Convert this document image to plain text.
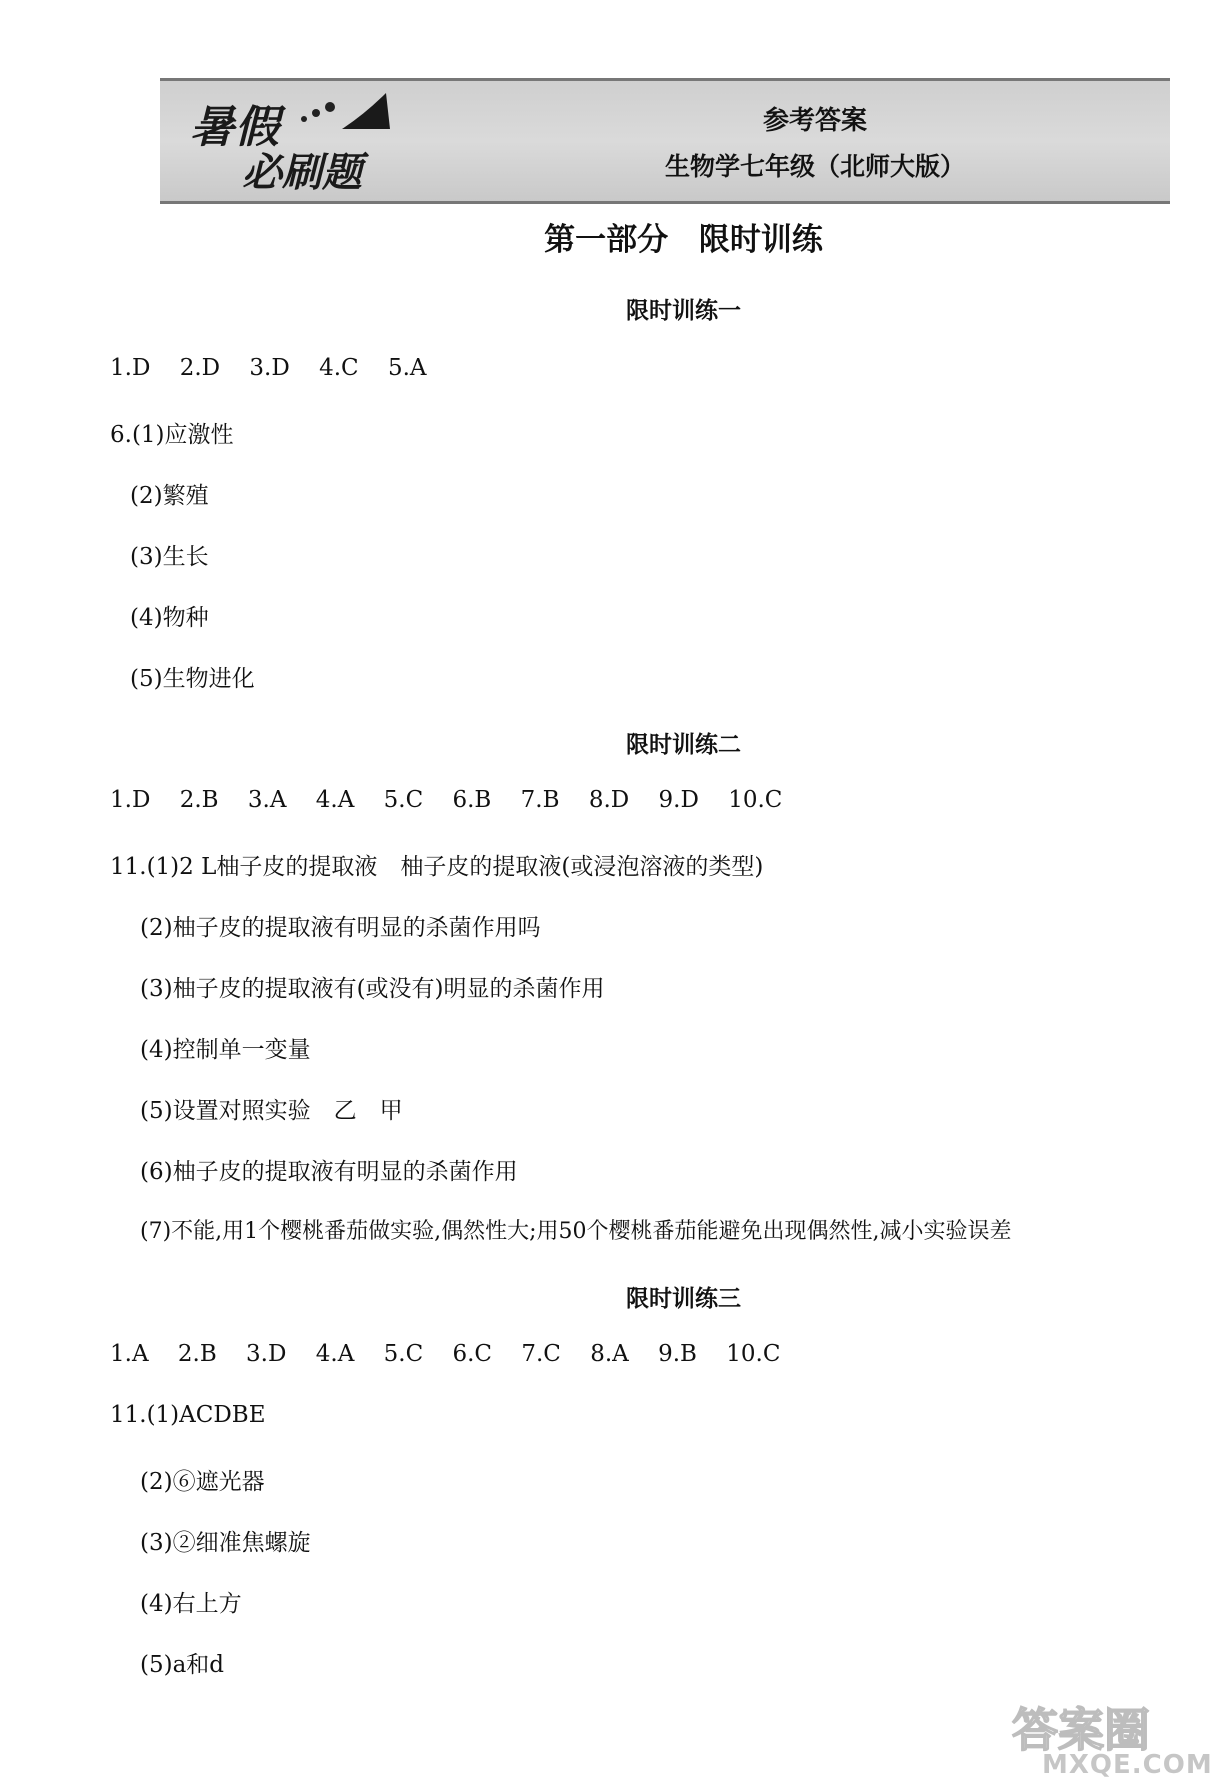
暑假
必刷题
参考答案
生物学七年级（北师大版）
第一部分 限时训练
限时训练一
1.D 2.D 3.D 4.C 5.A
6.(1)应激性
(2)繁殖
(3)生长
(4)物种
(5)生物进化
限时训练二
1.D 2.B 3.A 4.A 5.C 6.B 7.B 8.D 9.D 10.C
11.(1)2 L柚子皮的提取液　柚子皮的提取液(或浸泡溶液的类型)
(2)柚子皮的提取液有明显的杀菌作用吗
(3)柚子皮的提取液有(或没有)明显的杀菌作用
(4)控制单一变量
(5)设置对照实验　乙　甲
(6)柚子皮的提取液有明显的杀菌作用
(7)不能,用1个樱桃番茄做实验,偶然性大;用50个樱桃番茄能避免出现偶然性,减小实验误差
限时训练三
1.A 2.B 3.D 4.A 5.C 6.C 7.C 8.A 9.B 10.C
11.(1)ACDBE
(2)⑥遮光器
(3)②细准焦螺旋
(4)右上方
(5)a和d
答案圈
MXQE.COM
